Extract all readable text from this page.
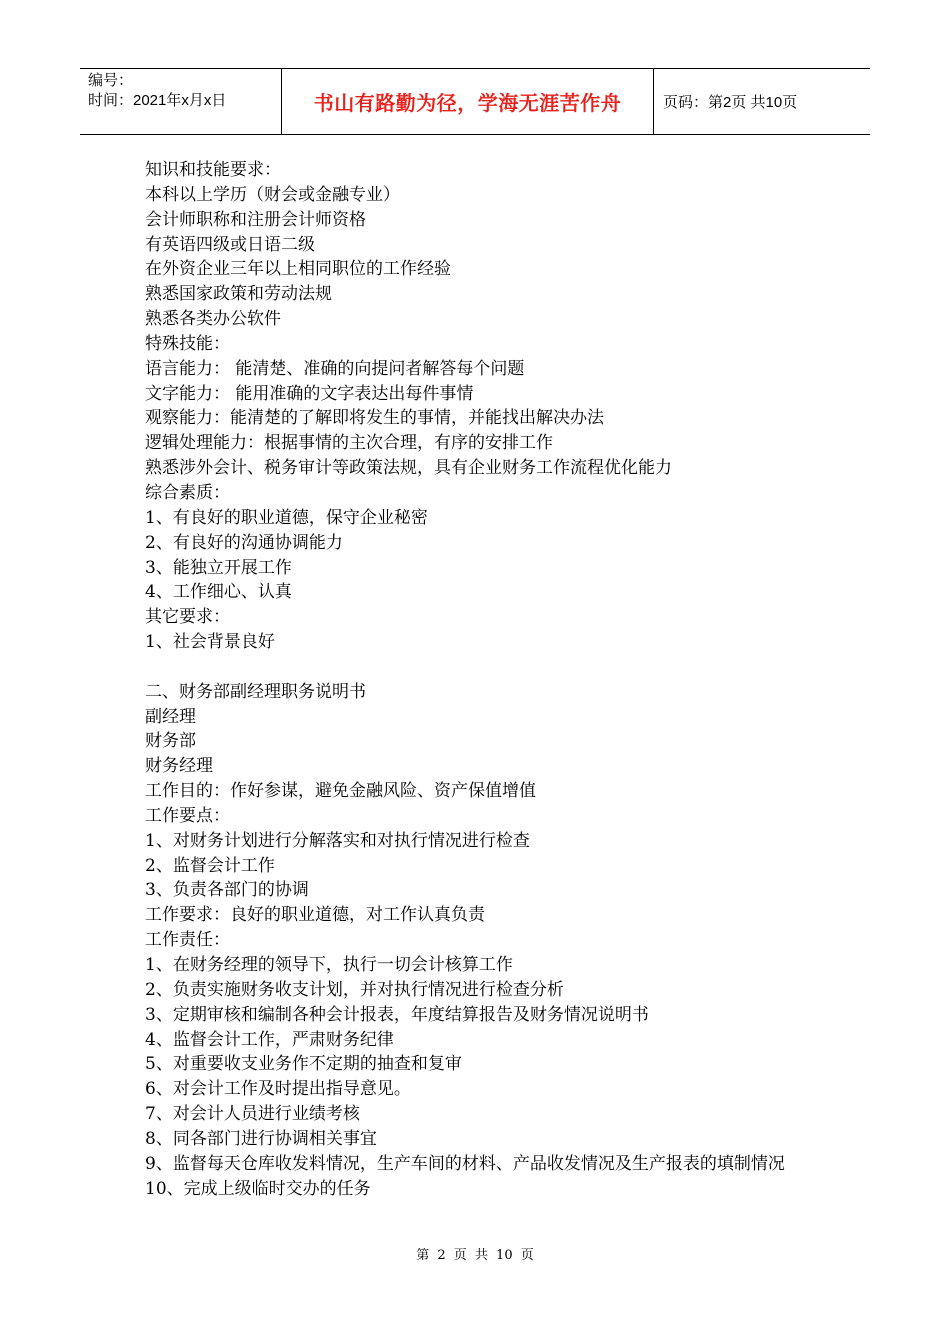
编号：
时间：2021年x月x日	书山有路勤为径，学海无涯苦作舟	页码：第2页 共10页
知识和技能要求：
本科以上学历（财会或金融专业）
会计师职称和注册会计师资格
有英语四级或日语二级
在外资企业三年以上相同职位的工作经验
熟悉国家政策和劳动法规
熟悉各类办公软件
特殊技能：
语言能力： 能清楚、准确的向提问者解答每个问题
文字能力： 能用准确的文字表达出每件事情
观察能力：能清楚的了解即将发生的事情，并能找出解决办法
逻辑处理能力：根据事情的主次合理，有序的安排工作
熟悉涉外会计、税务审计等政策法规，具有企业财务工作流程优化能力
综合素质：
1、有良好的职业道德，保守企业秘密
2、有良好的沟通协调能力
3、能独立开展工作
4、工作细心、认真
其它要求：
1、社会背景良好
二、财务部副经理职务说明书
副经理
财务部
财务经理
工作目的：作好参谋，避免金融风险、资产保值增值
工作要点：
1、对财务计划进行分解落实和对执行情况进行检查
2、监督会计工作
3、负责各部门的协调
工作要求：良好的职业道德，对工作认真负责
工作责任：
1、在财务经理的领导下，执行一切会计核算工作
2、负责实施财务收支计划，并对执行情况进行检查分析
3、定期审核和编制各种会计报表，年度结算报告及财务情况说明书
4、监督会计工作，严肃财务纪律
5、对重要收支业务作不定期的抽查和复审
6、对会计工作及时提出指导意见。
7、对会计人员进行业绩考核
8、同各部门进行协调相关事宜
9、监督每天仓库收发料情况，生产车间的材料、产品收发情况及生产报表的填制情况
10、完成上级临时交办的任务
第 2 页 共 10 页
